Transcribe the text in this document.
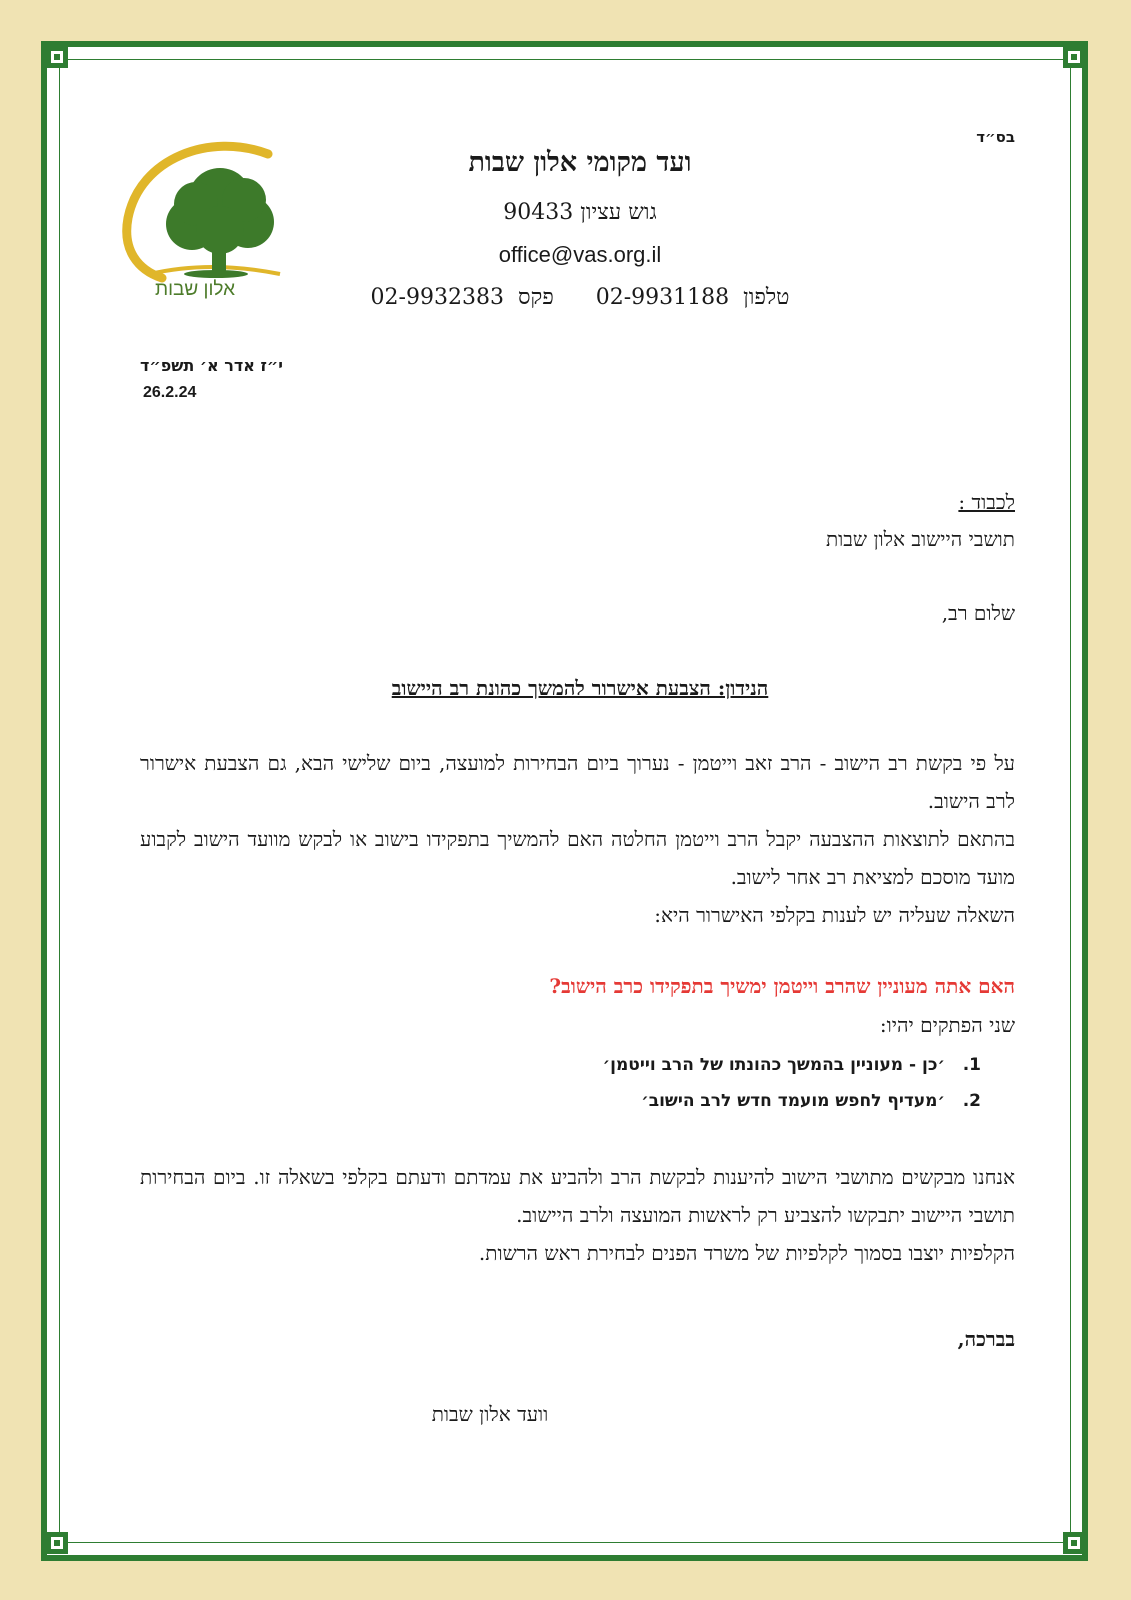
בס״ד
ועד מקומי אלון שבות
גוש עציון 90433
office@vas.org.il
טלפון  02-9931188      פקס  02-9932383
אלון שבות
י״ז אדר א׳ תשפ״ד
26.2.24
לכבוד :
תושבי היישוב אלון שבות
שלום רב,
הנידון: הצבעת אישרור להמשך כהונת רב היישוב
על פי בקשת רב הישוב - הרב זאב וייטמן - נערוך ביום הבחירות למועצה, ביום שלישי הבא, גם הצבעת אישרור לרב הישוב.
בהתאם לתוצאות ההצבעה יקבל הרב וייטמן החלטה האם להמשיך בתפקידו בישוב או לבקש מוועד הישוב לקבוע מועד מוסכם למציאת רב אחר לישוב.
השאלה שעליה יש לענות בקלפי האישרור היא:
האם אתה מעוניין שהרב וייטמן ימשיך בתפקידו כרב הישוב?
שני הפתקים יהיו:
1.׳כן - מעוניין בהמשך כהונתו של הרב וייטמן׳
2.׳מעדיף לחפש מועמד חדש לרב הישוב׳
אנחנו מבקשים מתושבי הישוב להיענות לבקשת הרב ולהביע את עמדתם ודעתם בקלפי בשאלה זו. ביום הבחירות תושבי היישוב יתבקשו להצביע רק לראשות המועצה ולרב היישוב.
הקלפיות יוצבו בסמוך לקלפיות של משרד הפנים לבחירת ראש הרשות.
בברכה,
וועד אלון שבות
